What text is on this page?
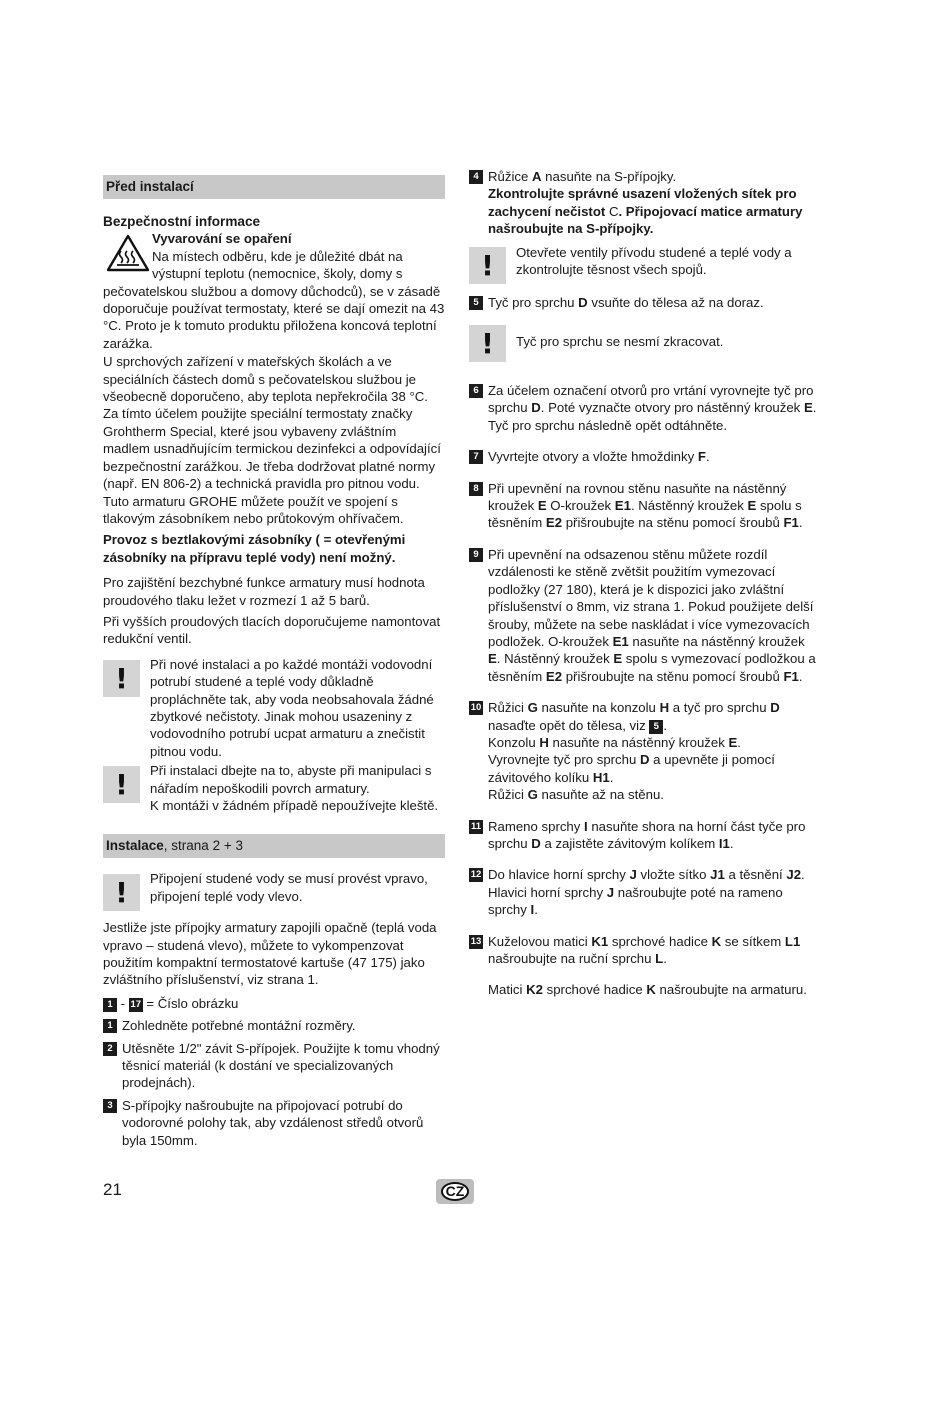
Před instalací
Bezpečnostní informace
Vyvarování se opaření
Na místech odběru, kde je důležité dbát na výstupní teplotu (nemocnice, školy, domy s
pečovatelskou službou a domovy důchodců), se v zásadě doporučuje používat termostaty, které se dají omezit na 43 °C. Proto je k tomuto produktu přiložena koncová teplotní zarážka.

U sprchových zařízení v mateřských školách a ve speciálních částech domů s pečovatelskou službou je všeobecně doporučeno, aby teplota nepřekročila 38 °C. Za tímto účelem použijte speciální termostaty značky Grohtherm Special, které jsou vybaveny zvláštním madlem usnadňujícím termickou dezinfekci a odpovídající bezpečnostní zarážkou. Je třeba dodržovat platné normy (např. EN 806-2) a technická pravidla pro pitnou vodu.

Tuto armaturu GROHE můžete použít ve spojení s tlakovým zásobníkem nebo průtokovým ohřívačem.

Provoz s beztlakovými zásobníky ( = otevřenými zásobníky na přípravu teplé vody) není možný.

Pro zajištění bezchybné funkce armatury musí hodnota proudového tlaku ležet v rozmezí 1 až 5 barů.

Při vyšších proudových tlacích doporučujeme namontovat redukční ventil.

!	Při nové instalaci a po každé montáži vodovodní potrubí studené a teplé vody důkladně propláchněte tak, aby voda neobsahovala žádné zbytkové nečistoty. Jinak mohou usazeniny z vodovodního potrubí ucpat armaturu a znečistit pitnou vodu.

!	Při instalaci dbejte na to, abyste při manipulaci s nářadím nepoškodili povrch armatury.

K montáži v žádném případě nepoužívejte kleště.

Instalace, strana 2 + 3
!	Připojení studené vody se musí provést vpravo, připojení teplé vody vlevo.

Jestliže jste přípojky armatury zapojili opačně (teplá voda vpravo – studená vlevo), můžete to vykompenzovat použitím kompaktní termostatové kartuše (47 175) jako zvláštního příslušenství, viz strana 1.

1 - 17 = Číslo obrázku

1 Zohledněte potřebné montážní rozměry.
2 Utěsněte 1/2" závit S-přípojek. Použijte k tomu vhodný těsnicí materiál (k dostání ve specializovaných prodejnách).
3 S-přípojky našroubujte na připojovací potrubí do vodorovné polohy tak, aby vzdálenost středů otvorů byla 150mm.
4 Růžice A nasuňte na S-přípojky.
Zkontrolujte správné usazení vložených sítek pro zachycení nečistot C. Připojovací matice armatury našroubujte na S-přípojky.
!	Otevřete ventily přívodu studené a teplé vody a zkontrolujte těsnost všech spojů.

5 Tyč pro sprchu D vsuňte do tělesa až na doraz.
!	Tyč pro sprchu se nesmí zkracovat.

6 Za účelem označení otvorů pro vrtání vyrovnejte tyč pro sprchu D. Poté vyznačte otvory pro nástěnný kroužek E. Tyč pro sprchu následně opět odtáhněte.
7 Vyvrtejte otvory a vložte hmoždinky F.
8 Při upevnění na rovnou stěnu nasuňte na nástěnný kroužek E O-kroužek E1. Nástěnný kroužek E spolu s těsněním E2 přišroubujte na stěnu pomocí šroubů F1.
9 Při upevnění na odsazenou stěnu můžete rozdíl vzdálenosti ke stěně zvětšit použitím vymezovací podložky (27 180), která je k dispozici jako zvláštní příslušenství o 8mm, viz strana 1. Pokud použijete delší šrouby, můžete na sebe naskládat i více vymezovacích podložek. O-kroužek E1 nasuňte na nástěnný kroužek E. Nástěnný kroužek E spolu s vymezovací podložkou a těsněním E2 přišroubujte na stěnu pomocí šroubů F1.
10 Růžici G nasuňte na konzolu H a tyč pro sprchu D nasaďte opět do tělesa, viz 5 .
Konzolu H nasuňte na nástěnný kroužek E.
Vyrovnejte tyč pro sprchu D a upevněte ji pomocí závitového kolíku H1.
Růžici G nasuňte až na stěnu.
11 Rameno sprchy I nasuňte shora na horní část tyče pro sprchu D a zajistěte závitovým kolíkem I1.
12 Do hlavice horní sprchy J vložte sítko J1 a těsnění J2. Hlavici horní sprchy J našroubujte poté na rameno sprchy I.
13 Kuželovou matici K1 sprchové hadice K se sítkem L1 našroubujte na ruční sprchu L.
Matici K2 sprchové hadice K našroubujte na armaturu.
21	CZ
